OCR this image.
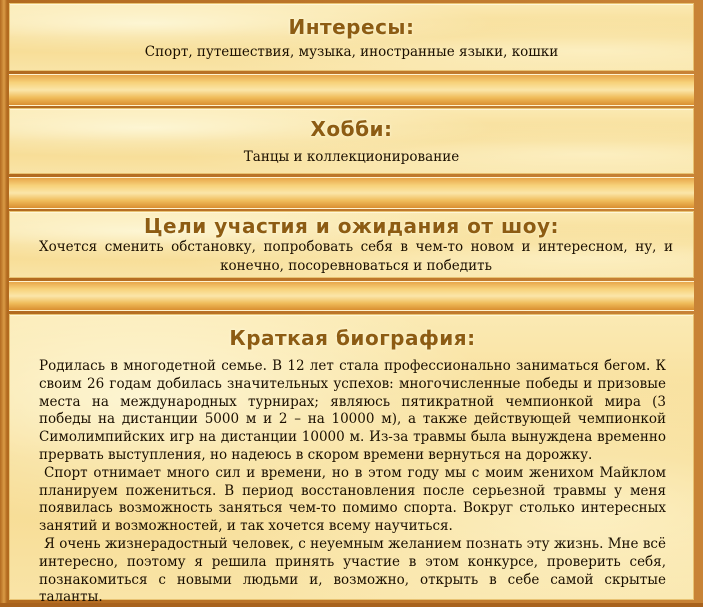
Интересы:
Спорт, путешествия, музыка, иностранные языки, кошки
Хобби:
Танцы и коллекционирование
Цели участия и ожидания от шоу:
Хочется сменить обстановку, попробовать себя в чем-то новом и интересном, ну, и конечно, посоревноваться и победить
Краткая биография:

Родилась в многодетной семье. В 12 лет стала профессионально заниматься бегом. К своим 26 годам добилась значительных успехов: многочисленные победы и призовые места на международных турнирах; являюсь пятикратной чемпионкой мира (3 победы на дистанции 5000 м и 2 – на 10000 м), а также действующей чемпионкой Симолимпийских игр на дистанции 10000 м. Из-за травмы была вынуждена временно прервать выступления, но надеюсь в скором времени вернуться на дорожку.

Спорт отнимает много сил и времени, но в этом году мы с моим женихом Майклом планируем пожениться. В период восстановления после серьезной травмы у меня появилась возможность заняться чем-то помимо спорта. Вокруг столько интересных занятий и возможностей, и так хочется всему научиться.

Я очень жизнерадостный человек, с неуемным желанием познать эту жизнь. Мне всё интересно, поэтому я решила принять участие в этом конкурсе, проверить себя, познакомиться с новыми людьми и, возможно, открыть в себе самой скрытые таланты.
